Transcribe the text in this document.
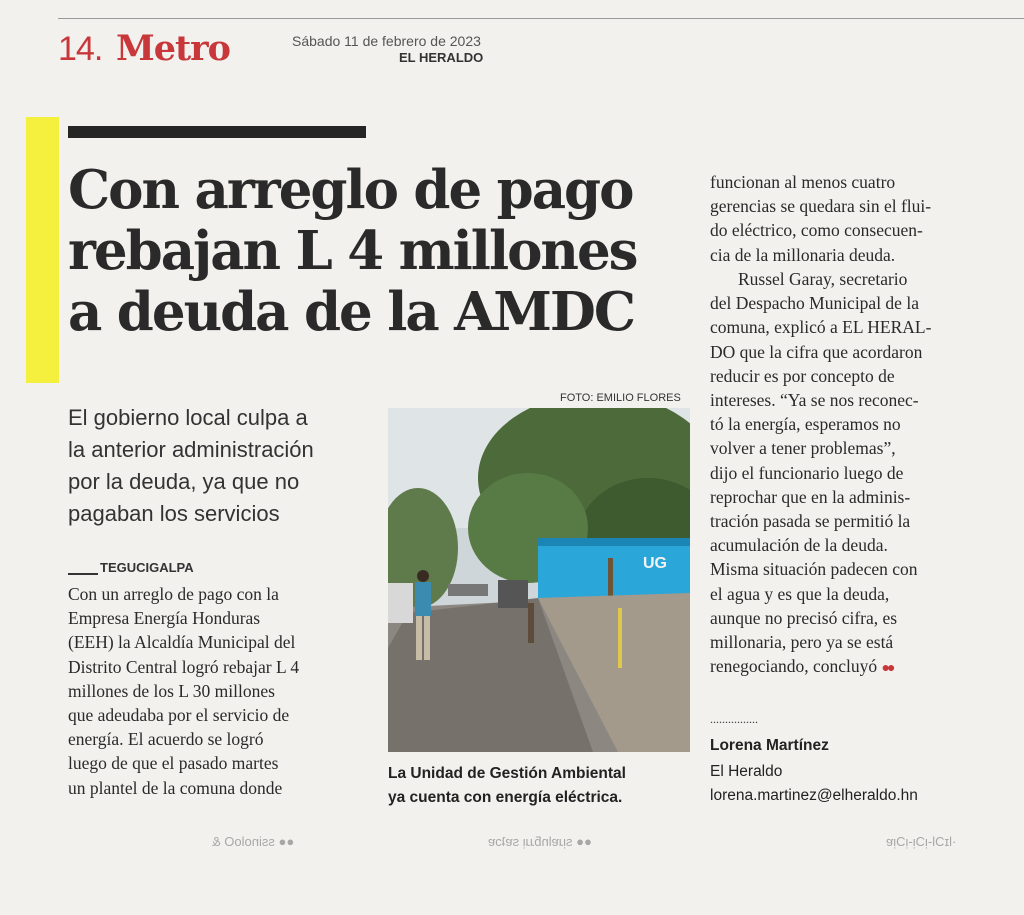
14. Metro	Sábado 11 de febrero de 2023
EL HERALDO
Con arreglo de pago
rebajan L 4 millones
a deuda de la AMDC
El gobierno local culpa a
la anterior administración
por la deuda, ya que no
pagaban los servicios
TEGUCIGALPA
Con un arreglo de pago con la
Empresa Energía Honduras
(EEH) la Alcaldía Municipal del
Distrito Central logró rebajar L 4
millones de los L 30 millones
que adeudaba por el servicio de
energía. El acuerdo se logró
luego de que el pasado martes
un plantel de la comuna donde
FOTO: EMILIO FLORES
UG
La Unidad de Gestión Ambiental
ya cuenta con energía eléctrica.
funcionan al menos cuatro
gerencias se quedara sin el flui-
do eléctrico, como consecuen-
cia de la millonaria deuda.
Russel Garay, secretario
del Despacho Municipal de la
comuna, explicó a EL HERAL-
DO que la cifra que acordaron
reducir es por concepto de
intereses. “Ya se nos reconec-
tó la energía, esperamos no
volver a tener problemas”,
dijo el funcionario luego de
reprochar que en la adminis-
tración pasada se permitió la
acumulación de la deuda.
Misma situación padecen con
el agua y es que la deuda,
aunque no precisó cifra, es
millonaria, pero ya se está
renegociando, concluyó ●●
................
Lorena Martínez
El Heraldo
lorena.martinez@elheraldo.hn
●● ssinoloO &	●● sᴉɹɐlnƃɹɹᴉ sɐʇɔɐ	·lɪƆl-ᴉƆᴉ-ᴉƆᴉɐ
